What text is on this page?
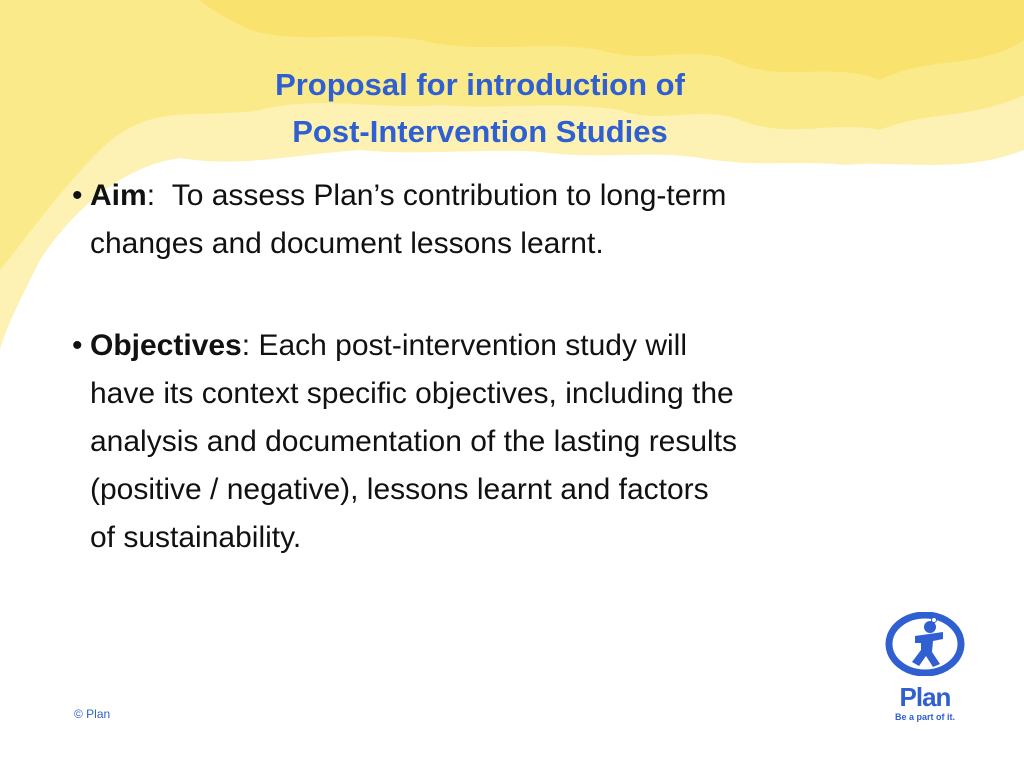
Proposal for introduction of
Post-Intervention Studies
• Aim: To assess Plan’s contribution to long-term
changes and document lessons learnt.
• Objectives: Each post-intervention study will
have its context specific objectives, including the
analysis and documentation of the lasting results
(positive / negative), lessons learnt and factors
of sustainability.
© Plan
Plan
Be a part of it.
